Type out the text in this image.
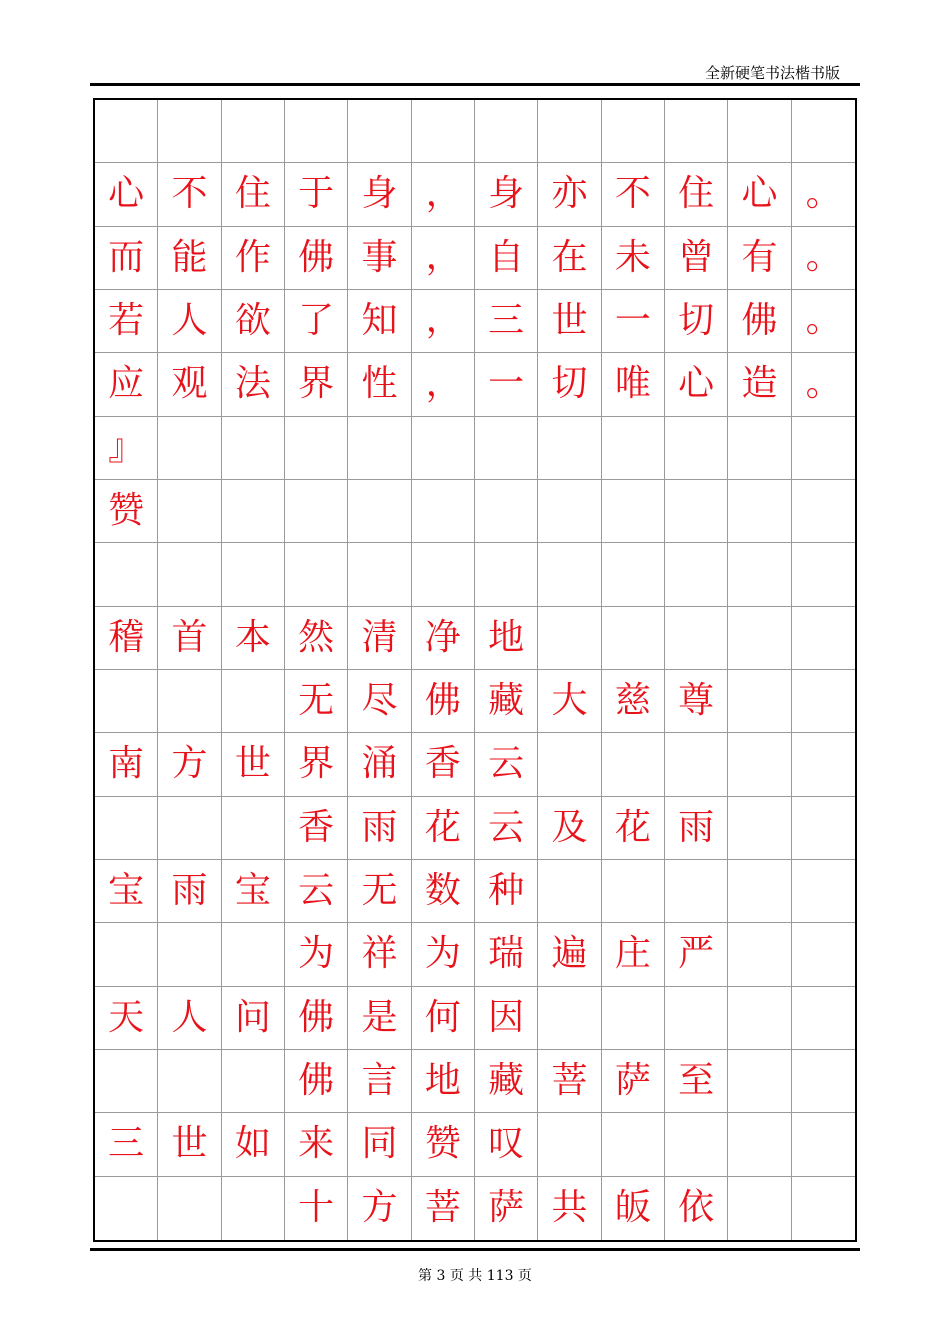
全新硬笔书法楷书版
心 不 住 于 身 ， 身 亦 不 住 心 。
而 能 作 佛 事 ， 自 在 未 曾 有 。
若 人 欲 了 知 ， 三 世 一 切 佛 。
应 观 法 界 性 ， 一 切 唯 心 造 。
』
赞
稽 首 本 然 清 净 地
无 尽 佛 藏 大 慈 尊
南 方 世 界 涌 香 云
香 雨 花 云 及 花 雨
宝 雨 宝 云 无 数 种
为 祥 为 瑞 遍 庄 严
天 人 问 佛 是 何 因
佛 言 地 藏 菩 萨 至
三 世 如 来 同 赞 叹
十 方 菩 萨 共 皈 依
第 3 页 共 113 页
